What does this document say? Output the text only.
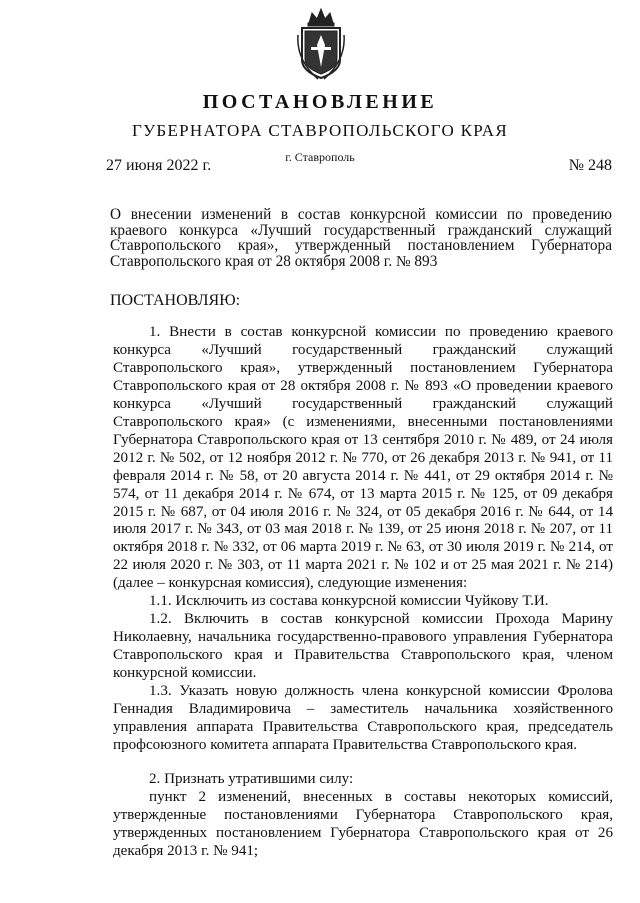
ПОСТАНОВЛЕНИЕ
ГУБЕРНАТОРА СТАВРОПОЛЬСКОГО КРАЯ
г. Ставрополь
27 июня 2022 г.	№ 248
О внесении изменений в состав конкурсной комиссии по проведению краевого конкурса «Лучший государственный гражданский служащий Ставропольского края», утвержденный постановлением Губернатора Ставропольского края от 28 октября 2008 г. № 893
ПОСТАНОВЛЯЮ:

1. Внести в состав конкурсной комиссии по проведению краевого конкурса «Лучший государственный гражданский служащий Ставропольского края», утвержденный постановлением Губернатора Ставропольского края от 28 октября 2008 г. № 893 «О проведении краевого конкурса «Лучший государственный гражданский служащий Ставропольского края» (с изменениями, внесенными постановлениями Губернатора Ставропольского края от 13 сентября 2010 г. № 489, от 24 июля 2012 г. № 502, от 12 ноября 2012 г. № 770, от 26 декабря 2013 г. № 941, от 11 февраля 2014 г. № 58, от 20 августа 2014 г. № 441, от 29 октября 2014 г. № 574, от 11 декабря 2014 г. № 674, от 13 марта 2015 г. № 125, от 09 декабря 2015 г. № 687, от 04 июля 2016 г. № 324, от 05 декабря 2016 г. № 644, от 14 июля 2017 г. № 343, от 03 мая 2018 г. № 139, от 25 июня 2018 г. № 207, от 11 октября 2018 г. № 332, от 06 марта 2019 г. № 63, от 30 июля 2019 г. № 214, от 22 июля 2020 г. № 303, от 11 марта 2021 г. № 102 и от 25 мая 2021 г. № 214) (далее – конкурсная комиссия), следующие изменения:

1.1. Исключить из состава конкурсной комиссии Чуйкову Т.И.

1.2. Включить в состав конкурсной комиссии Прохода Марину Николаевну, начальника государственно-правового управления Губернатора Ставропольского края и Правительства Ставропольского края, членом конкурсной комиссии.

1.3. Указать новую должность члена конкурсной комиссии Фролова Геннадия Владимировича – заместитель начальника хозяйственного управления аппарата Правительства Ставропольского края, председатель профсоюзного комитета аппарата Правительства Ставропольского края.

2. Признать утратившими силу:

пункт 2 изменений, внесенных в составы некоторых комиссий, утвержденные постановлениями Губернатора Ставропольского края, утвержденных постановлением Губернатора Ставропольского края от 26 декабря 2013 г. № 941;
